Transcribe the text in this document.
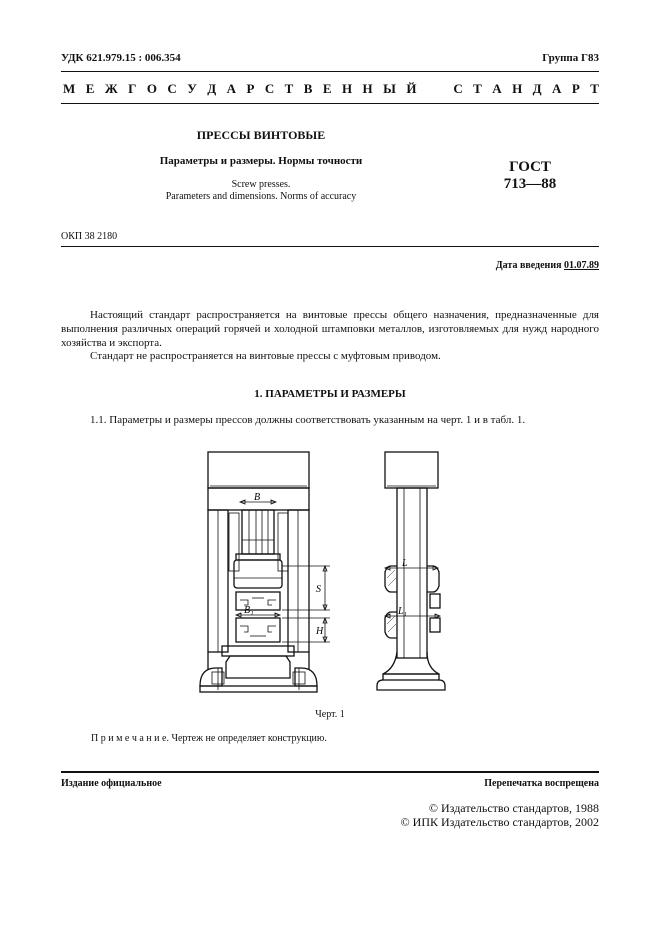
УДК 621.979.15 : 006.354	Группа Г83
М Е Ж Г О С У Д А Р С Т В Е Н Н Ы Й	С Т А Н Д А Р Т
ПРЕССЫ ВИНТОВЫЕ
Параметры и размеры. Нормы точности
Screw presses.
Parameters and dimensions. Norms of accuracy
ГОСТ
713—88
ОКП 38 2180
Дата введения 01.07.89
Настоящий стандарт распространяется на винтовые прессы общего назначения, предназначенные для выполнения различных операций горячей и холодной штамповки металлов, изготовляемых для нужд народного хозяйства и экспорта.
Стандарт не распространяется на винтовые прессы с муфтовым приводом.
1. ПАРАМЕТРЫ И РАЗМЕРЫ
1.1. Параметры и размеры прессов должны соответствовать указанным на черт. 1 и в табл. 1.
B
B₁
S
H
L
L₁
Черт. 1
П р и м е ч а н и е. Чертеж не определяет конструкцию.
Издание официальное	Перепечатка воспрещена
© Издательство стандартов, 1988
© ИПК Издательство стандартов, 2002
